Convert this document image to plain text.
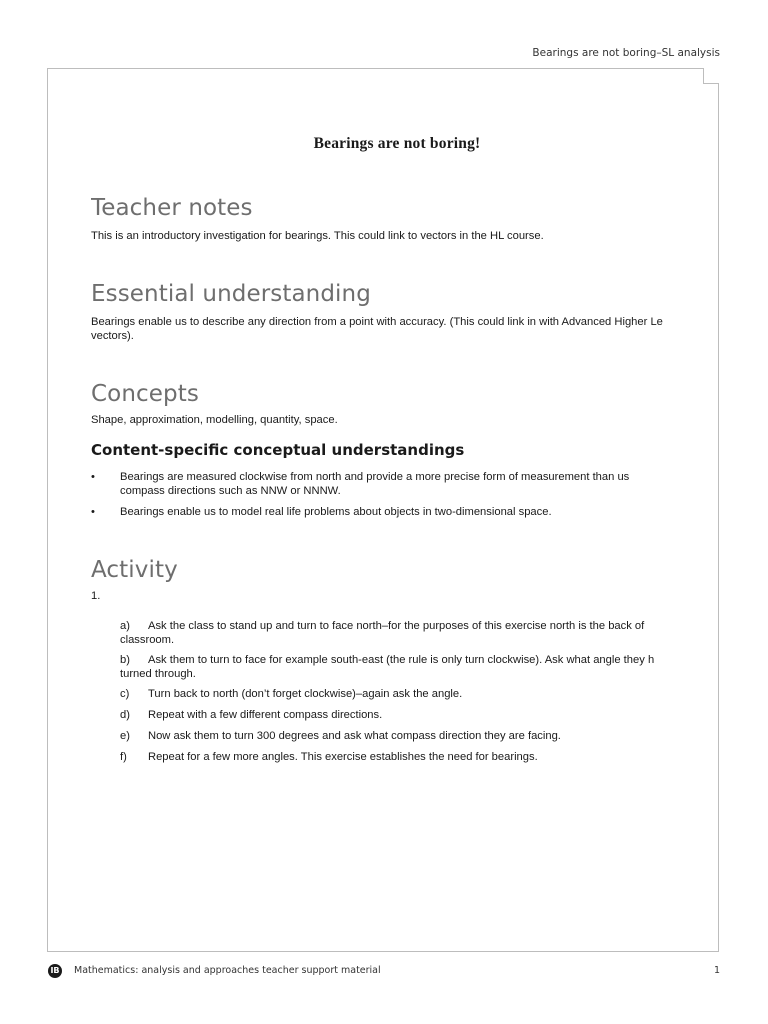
Bearings are not boring–SL analysis
Bearings are not boring!
Teacher notes

This is an introductory investigation for bearings. This could link to vectors in the HL course.

Essential understanding

Bearings enable us to describe any direction from a point with accuracy. (This could link in with Advanced Higher Le

vectors).

Concepts

Shape, approximation, modelling, quantity, space.

Content-specific conceptual understandings
• Bearings are measured clockwise from north and provide a more precise form of measurement than us
compass directions such as NNW or NNNW.
• Bearings enable us to model real life problems about objects in two-dimensional space.
Activity

1.

a) Ask the class to stand up and turn to face north–for the purposes of this exercise north is the back of
classroom.
b) Ask them to turn to face for example south-east (the rule is only turn clockwise). Ask what angle they h
turned through.
c) Turn back to north (don’t forget clockwise)–again ask the angle.
d) Repeat with a few different compass directions.
e) Now ask them to turn 300 degrees and ask what compass direction they are facing.
f) Repeat for a few more angles. This exercise establishes the need for bearings.
IB Mathematics: analysis and approaches teacher support material	1
